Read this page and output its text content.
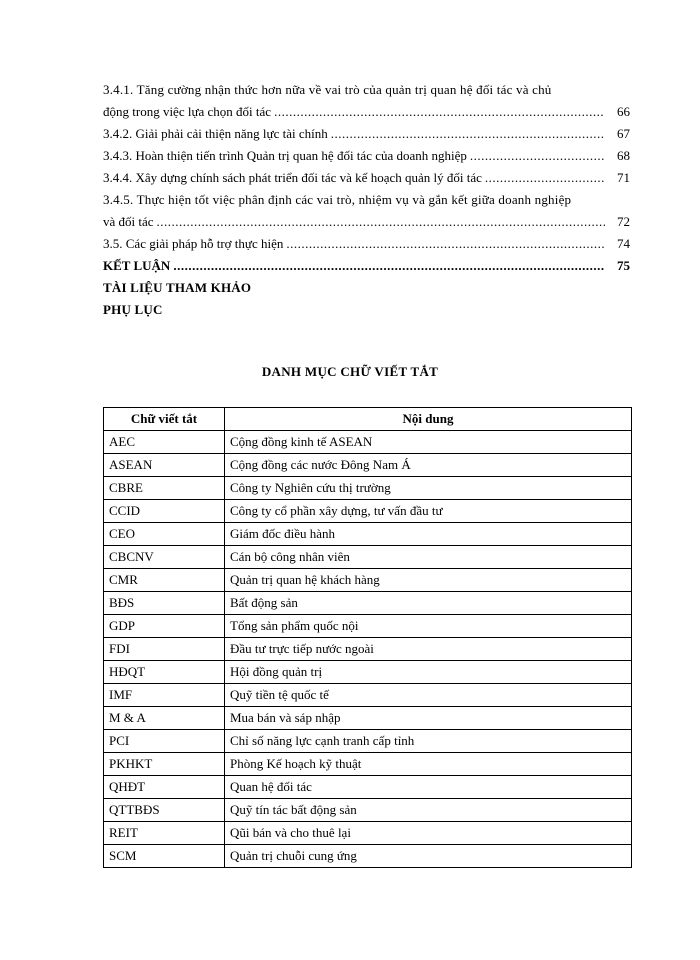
3.4.1. Tăng cường nhận thức hơn nữa về vai trò của quản trị quan hệ đối tác và chủ
động trong việc lựa chọn đối tác .....	66
3.4.2. Giải phải cải thiện năng lực tài chính .....	67
3.4.3. Hoàn thiện tiến trình Quản trị quan hệ đối tác của doanh nghiệp .....	68
3.4.4. Xây dựng chính sách phát triển đối tác và kế hoạch quản lý đối tác .....	71
3.4.5. Thực hiện tốt việc phân định các vai trò, nhiệm vụ và gắn kết giữa doanh nghiệp
và đối tác .....	72
3.5. Các giải pháp hỗ trợ thực hiện .....	74
KẾT LUẬN .....	75
TÀI LIỆU THAM KHẢO
PHỤ LỤC
DANH MỤC CHỮ VIẾT TẮT
Chữ viết tắt	Nội dung
AEC	Cộng đồng kinh tế ASEAN
ASEAN	Cộng đồng các nước Đông Nam Á
CBRE	Công ty Nghiên cứu thị trường
CCID	Công ty cổ phần xây dựng, tư vấn đầu tư
CEO	Giám đốc điều hành
CBCNV	Cán bộ công nhân viên
CMR	Quản trị quan hệ khách hàng
BĐS	Bất động sản
GDP	Tổng sản phẩm quốc nội
FDI	Đầu tư trực tiếp nước ngoài
HĐQT	Hội đồng quản trị
IMF	Quỹ tiền tệ quốc tế
M & A	Mua bán và sáp nhập
PCI	Chỉ số năng lực cạnh tranh cấp tỉnh
PKHKT	Phòng Kế hoạch kỹ thuật
QHĐT	Quan hệ đối tác
QTTBĐS	Quỹ tín tác bất động sản
REIT	Qũi bán và cho thuê lại
SCM	Quản trị chuỗi cung ứng
